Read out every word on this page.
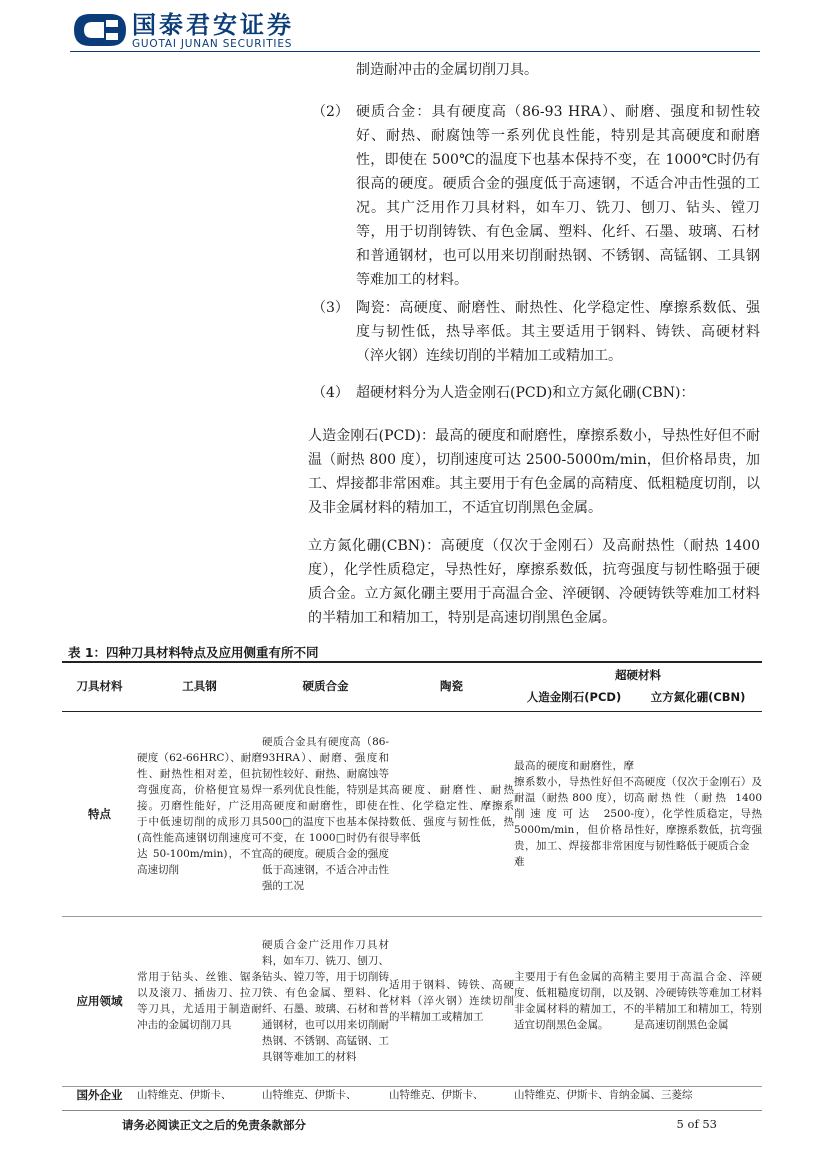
国泰君安证券
GUOTAI JUNAN SECURITIES
制造耐冲击的金属切削刀具。
（2） 硬质合金：具有硬度高（86-93 HRA）、耐磨、强度和韧性较好、耐热、耐腐蚀等一系列优良性能，特别是其高硬度和耐磨性，即使在 500℃的温度下也基本保持不变，在 1000℃时仍有很高的硬度。硬质合金的强度低于高速钢，不适合冲击性强的工况。其广泛用作刀具材料，如车刀、铣刀、刨刀、钻头、镗刀等，用于切削铸铁、有色金属、塑料、化纤、石墨、玻璃、石材和普通钢材，也可以用来切削耐热钢、不锈钢、高锰钢、工具钢等难加工的材料。
（3） 陶瓷：高硬度、耐磨性、耐热性、化学稳定性、摩擦系数低、强度与韧性低，热导率低。其主要适用于钢料、铸铁、高硬材料（淬火钢）连续切削的半精加工或精加工。
（4） 超硬材料分为人造金刚石(PCD)和立方氮化硼(CBN)：
人造金刚石(PCD)：最高的硬度和耐磨性，摩擦系数小，导热性好但不耐温（耐热 800 度），切削速度可达 2500-5000m/min，但价格昂贵，加工、焊接都非常困难。其主要用于有色金属的高精度、低粗糙度切削，以及非金属材料的精加工，不适宜切削黑色金属。
立方氮化硼(CBN)：高硬度（仅次于金刚石）及高耐热性（耐热 1400 度），化学性质稳定，导热性好，摩擦系数低，抗弯强度与韧性略强于硬质合金。立方氮化硼主要用于高温合金、淬硬钢、冷硬铸铁等难加工材料的半精加工和精加工，特别是高速切削黑色金属。
表 1：四种刀具材料特点及应用侧重有所不同
刀具材料	工具钢	硬质合金	陶瓷	超硬材料	
				人造金刚石(PCD)	立方氮化硼(CBN)

特点	硬度（62-66HRC）、耐磨性、耐热性相对差，但抗弯强度高，价格便宜易焊接。刃磨性能好，广泛用于中低速切削的成形刀具(高性能高速钢切削速度可达 50-100m/min)，不宜高速切削	硬质合金具有硬度高（86-93HRA）、耐磨、强度和韧性较好、耐热、耐腐蚀等一系列优良性能，特别是其高硬度和耐磨性，即使在 500□的温度下也基本保持不变，在 1000□时仍有很高的硬度。硬质合金的强度低于高速钢，不适合冲击性强的工况	高硬度、耐磨性、耐热性、化学稳定性、摩擦系数低、强度与韧性低，热导率低	最高的硬度和耐磨性，摩擦系数小，导热性好但不耐温（耐热 800 度），切削速度可达 2500-5000m/min，但价格昂贵，加工、焊接都非常困难	高硬度（仅次于金刚石）及高耐热性（耐热 1400 度），化学性质稳定，导热性好，摩擦系数低，抗弯强度与韧性略低于硬质合金
应用领域	常用于钻头、丝锥、锯条以及滚刀、插齿刀、拉刀等刀具，尤适用于制造耐冲击的金属切削刀具	硬质合金广泛用作刀具材料，如车刀、铣刀、刨刀、钻头、镗刀等，用于切削铸铁、有色金属、塑料、化纤、石墨、玻璃、石材和普通钢材，也可以用来切削耐热钢、不锈钢、高锰钢、工具钢等难加工的材料	适用于钢料、铸铁、高硬材料（淬火钢）连续切削的半精加工或精加工	主要用于有色金属的高精度、低粗糙度切削，以及非金属材料的精加工，不适宜切削黑色金属。	主要用于高温合金、淬硬钢、冷硬铸铁等难加工材料的半精加工和精加工，特别是高速切削黑色金属
国外企业	山特维克、伊斯卡、	山特维克、伊斯卡、	山特维克、伊斯卡、	山特维克、伊斯卡、肯纳金属、三菱综	
请务必阅读正文之后的免责条款部分	5 of 53
